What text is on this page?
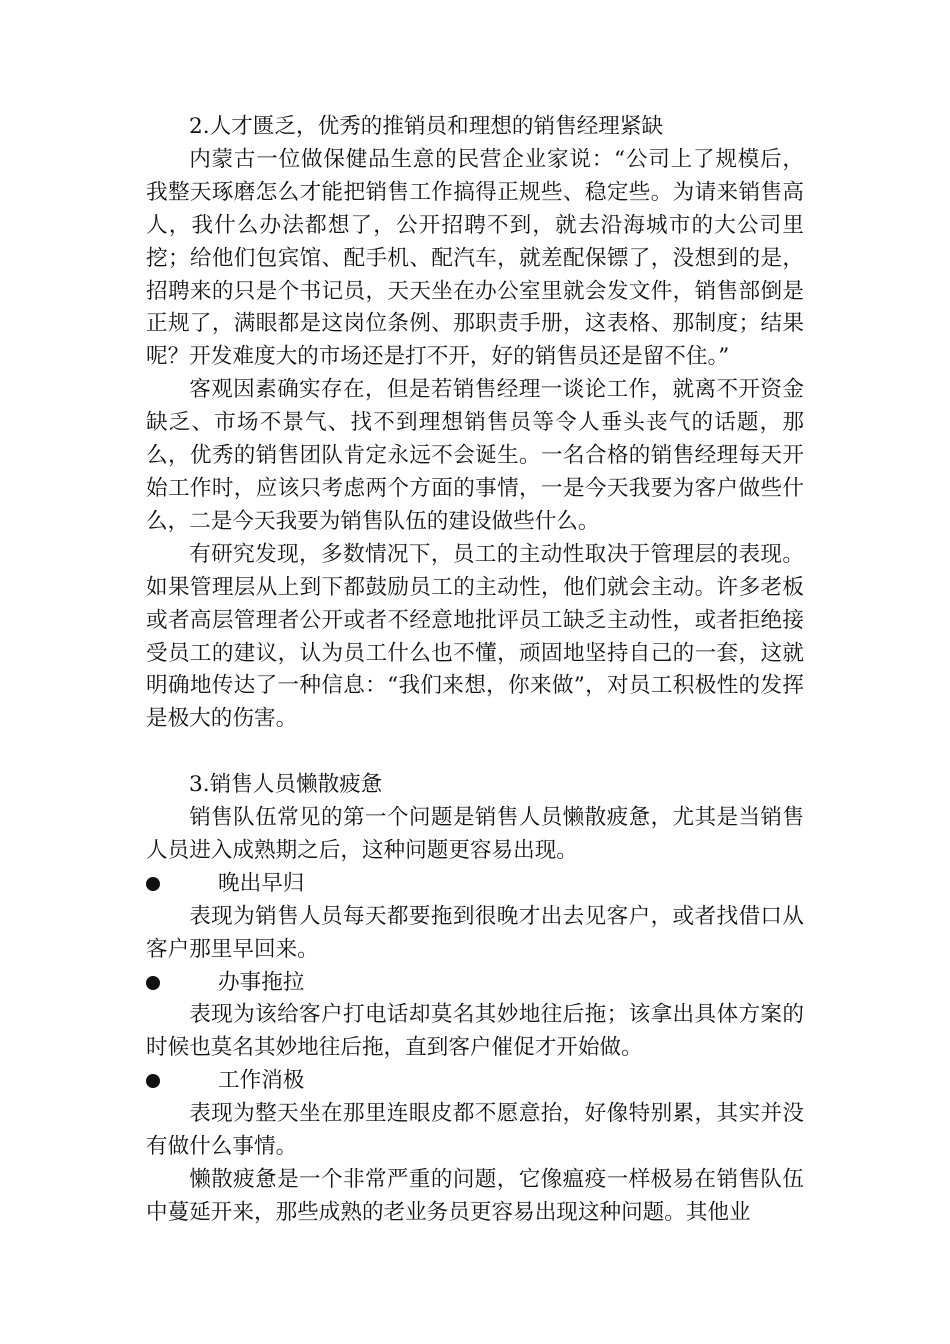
2.人才匮乏，优秀的推销员和理想的销售经理紧缺

内蒙古一位做保健品生意的民营企业家说：“公司上了规模后，我整天琢磨怎么才能把销售工作搞得正规些、稳定些。为请来销售高人，我什么办法都想了，公开招聘不到，就去沿海城市的大公司里挖；给他们包宾馆、配手机、配汽车，就差配保镖了，没想到的是，招聘来的只是个书记员，天天坐在办公室里就会发文件，销售部倒是正规了，满眼都是这岗位条例、那职责手册，这表格、那制度；结果呢？开发难度大的市场还是打不开，好的销售员还是留不住。”

客观因素确实存在，但是若销售经理一谈论工作，就离不开资金缺乏、市场不景气、找不到理想销售员等令人垂头丧气的话题，那么，优秀的销售团队肯定永远不会诞生。一名合格的销售经理每天开始工作时，应该只考虑两个方面的事情，一是今天我要为客户做些什么，二是今天我要为销售队伍的建设做些什么。

有研究发现，多数情况下，员工的主动性取决于管理层的表现。如果管理层从上到下都鼓励员工的主动性，他们就会主动。许多老板或者高层管理者公开或者不经意地批评员工缺乏主动性，或者拒绝接受员工的建议，认为员工什么也不懂，顽固地坚持自己的一套，这就明确地传达了一种信息：“我们来想，你来做”，对员工积极性的发挥是极大的伤害。

3.销售人员懒散疲惫

销售队伍常见的第一个问题是销售人员懒散疲惫，尤其是当销售人员进入成熟期之后，这种问题更容易出现。

晚出早归

表现为销售人员每天都要拖到很晚才出去见客户，或者找借口从客户那里早回来。

办事拖拉

表现为该给客户打电话却莫名其妙地往后拖；该拿出具体方案的时候也莫名其妙地往后拖，直到客户催促才开始做。

工作消极

表现为整天坐在那里连眼皮都不愿意抬，好像特别累，其实并没有做什么事情。

懒散疲惫是一个非常严重的问题，它像瘟疫一样极易在销售队伍中蔓延开来，那些成熟的老业务员更容易出现这种问题。其他业
